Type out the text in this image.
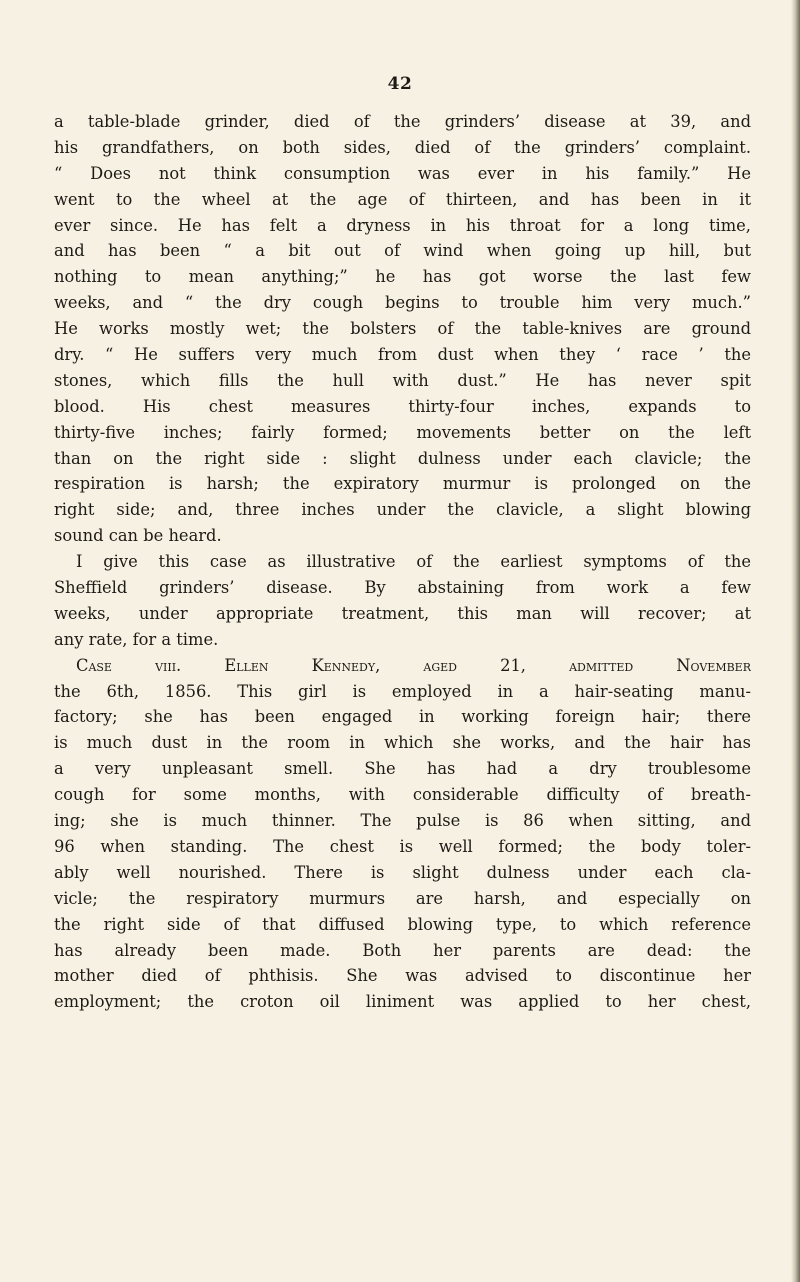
42
a table-blade grinder, died of the grinders’ disease at 39, and
his grandfathers, on both sides, died of the grinders’ complaint.
“ Does not think consumption was ever in his family.” He
went to the wheel at the age of thirteen, and has been in it
ever since. He has felt a dryness in his throat for a long time,
and has been “ a bit out of wind when going up hill, but
nothing to mean anything;” he has got worse the last few
weeks, and “ the dry cough begins to trouble him very much.”
He works mostly wet; the bolsters of the table-knives are ground
dry. “ He suffers very much from dust when they ‘ race ’ the
stones, which fills the hull with dust.” He has never spit
blood. His chest measures thirty-four inches, expands to
thirty-five inches; fairly formed; movements better on the left
than on the right side : slight dulness under each clavicle; the
respiration is harsh; the expiratory murmur is prolonged on the
right side; and, three inches under the clavicle, a slight blowing
sound can be heard.
I give this case as illustrative of the earliest symptoms of the
Sheffield grinders’ disease. By abstaining from work a few
weeks, under appropriate treatment, this man will recover; at
any rate, for a time.
Case viii. Ellen Kennedy, aged 21, admitted November
the 6th, 1856. This girl is employed in a hair-seating manu-
factory; she has been engaged in working foreign hair; there
is much dust in the room in which she works, and the hair has
a very unpleasant smell. She has had a dry troublesome
cough for some months, with considerable difficulty of breath-
ing; she is much thinner. The pulse is 86 when sitting, and
96 when standing. The chest is well formed; the body toler-
ably well nourished. There is slight dulness under each cla-
vicle; the respiratory murmurs are harsh, and especially on
the right side of that diffused blowing type, to which reference
has already been made. Both her parents are dead: the
mother died of phthisis. She was advised to discontinue her
employment; the croton oil liniment was applied to her chest,
